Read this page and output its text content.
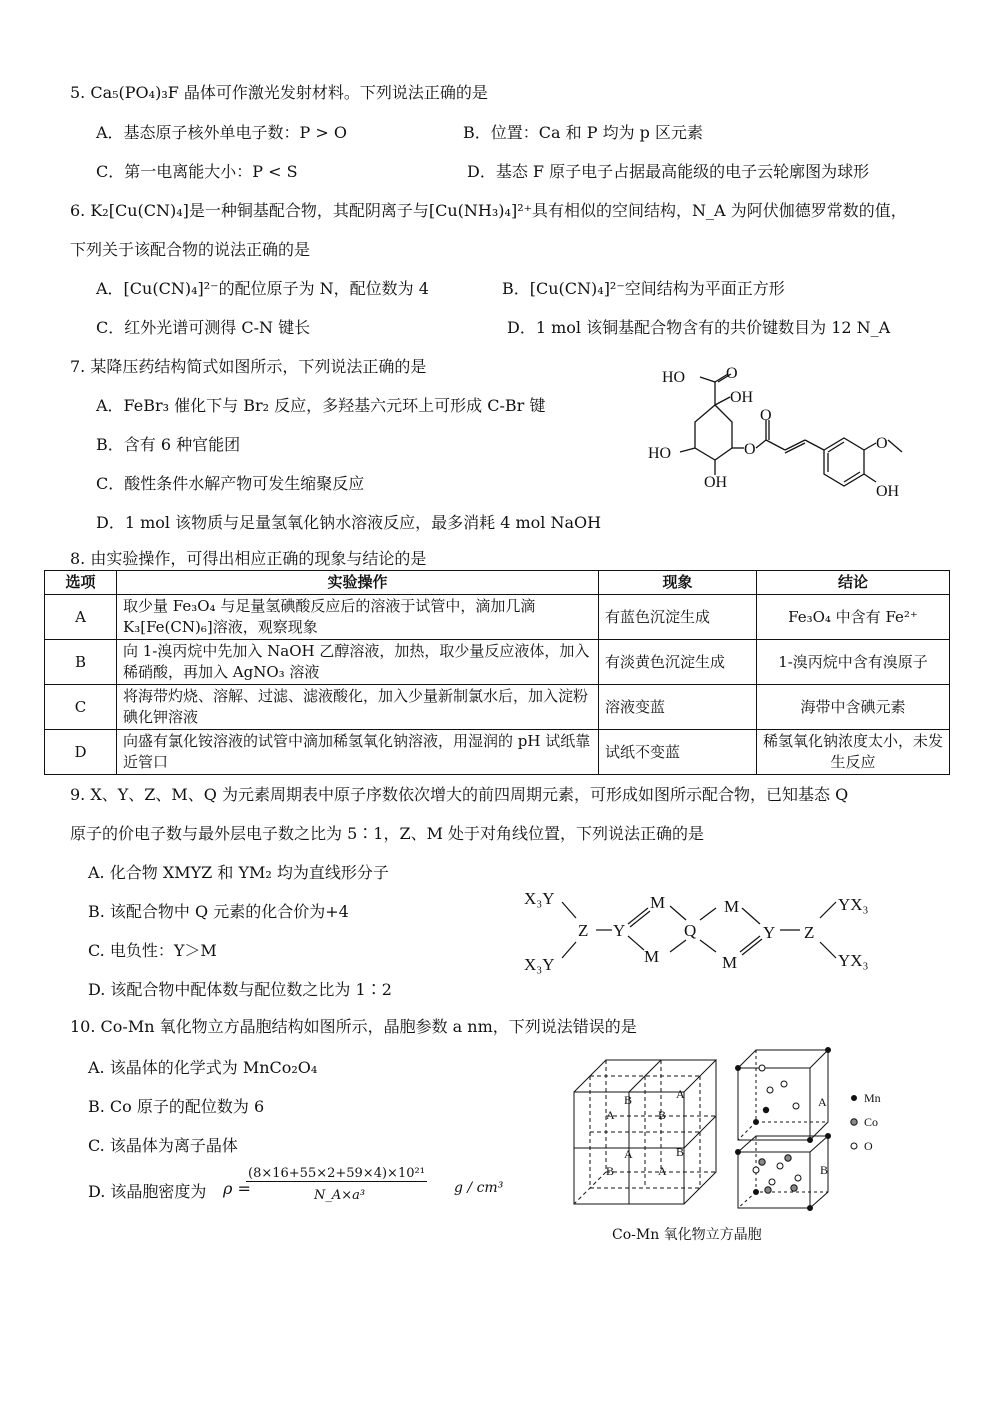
5. Ca₅(PO₄)₃F 晶体可作激光发射材料。下列说法正确的是
A．基态原子核外单电子数：P > O	B．位置：Ca 和 P 均为 p 区元素
C．第一电离能大小：P < S	D．基态 F 原子电子占据最高能级的电子云轮廓图为球形
6. K₂[Cu(CN)₄]是一种铜基配合物，其配阴离子与[Cu(NH₃)₄]²⁺具有相似的空间结构，N_A 为阿伏伽德罗常数的值，
下列关于该配合物的说法正确的是
A．[Cu(CN)₄]²⁻的配位原子为 N，配位数为 4	B．[Cu(CN)₄]²⁻空间结构为平面正方形
C．红外光谱可测得 C-N 键长	D．1 mol 该铜基配合物含有的共价键数目为 12 N_A
7. 某降压药结构简式如图所示，下列说法正确的是
A．FeBr₃ 催化下与 Br₂ 反应，多羟基六元环上可形成 C-Br 键
B．含有 6 种官能团
C．酸性条件水解产物可发生缩聚反应
D．1 mol 该物质与足量氢氧化钠水溶液反应，最多消耗 4 mol NaOH
HO	O
OH
O
O
HO
O
OH
OH
8. 由实验操作，可得出相应正确的现象与结论的是
选项	实验操作	现象	结论
A	取少量 Fe₃O₄ 与足量氢碘酸反应后的溶液于试管中，滴加几滴 K₃[Fe(CN)₆]溶液，观察现象	有蓝色沉淀生成	Fe₃O₄ 中含有 Fe²⁺
B	向 1-溴丙烷中先加入 NaOH 乙醇溶液，加热，取少量反应液体，加入稀硝酸，再加入 AgNO₃ 溶液	有淡黄色沉淀生成	1-溴丙烷中含有溴原子
C	将海带灼烧、溶解、过滤、滤液酸化，加入少量新制氯水后，加入淀粉碘化钾溶液	溶液变蓝	海带中含碘元素
D	向盛有氯化铵溶液的试管中滴加稀氢氧化钠溶液，用湿润的 pH 试纸靠近管口	试纸不变蓝	稀氢氧化钠浓度太小，未发生反应
9. X、Y、Z、M、Q 为元素周期表中原子序数依次增大的前四周期元素，可形成如图所示配合物，已知基态 Q
原子的价电子数与最外层电子数之比为 5∶1，Z、M 处于对角线位置，下列说法正确的是
A. 化合物 XMYZ 和 YM₂ 均为直线形分子
B. 该配合物中 Q 元素的化合价为+4
C. 电负性：Y＞M
D. 该配合物中配体数与配位数之比为 1∶2
X₃Y
X₃Y
Z Y
M
M
Q
M
M
Y Z
YX₃
YX₃
10. Co-Mn 氧化物立方晶胞结构如图所示，晶胞参数 a nm，下列说法错误的是
A. 该晶体的化学式为 MnCo₂O₄
B. Co 原子的配位数为 6
C. 该晶体为离子晶体
D. 该晶胞密度为 ρ =
(8×16+55×2+59×4)×10²¹
N_A×a³	g / cm³
A
B
B
A
B
A
A
B
A
B
Mn
Co
O
Co-Mn 氧化物立方晶胞
